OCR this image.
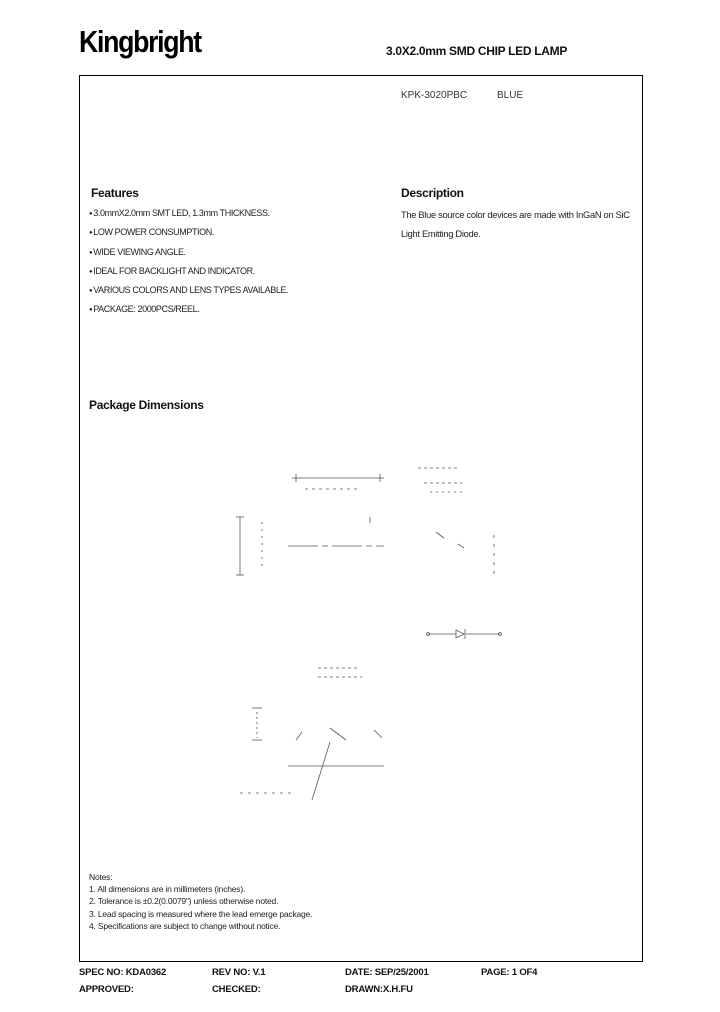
Kingbright	3.0X2.0mm SMD CHIP LED LAMP
KPK-3020PBC	BLUE
Features
● 3.0mmX2.0mm SMT LED, 1.3mm THICKNESS.
● LOW POWER CONSUMPTION.
● WIDE VIEWING ANGLE.
● IDEAL FOR BACKLIGHT AND INDICATOR.
● VARIOUS COLORS AND LENS TYPES AVAILABLE.
● PACKAGE: 2000PCS/REEL.
Description
The Blue source color devices are made with InGaN on SiC Light Emitting Diode.
Package Dimensions
Notes:
1. All dimensions are in millimeters (inches).
2. Tolerance is ±0.2(0.0079") unless otherwise noted.
3. Lead spacing is measured where the lead emerge package.
4. Specifications are subject to change without notice.
SPEC NO: KDA0362	REV NO: V.1	DATE: SEP/25/2001	PAGE: 1 OF4
APPROVED:	CHECKED:	DRAWN:X.H.FU
